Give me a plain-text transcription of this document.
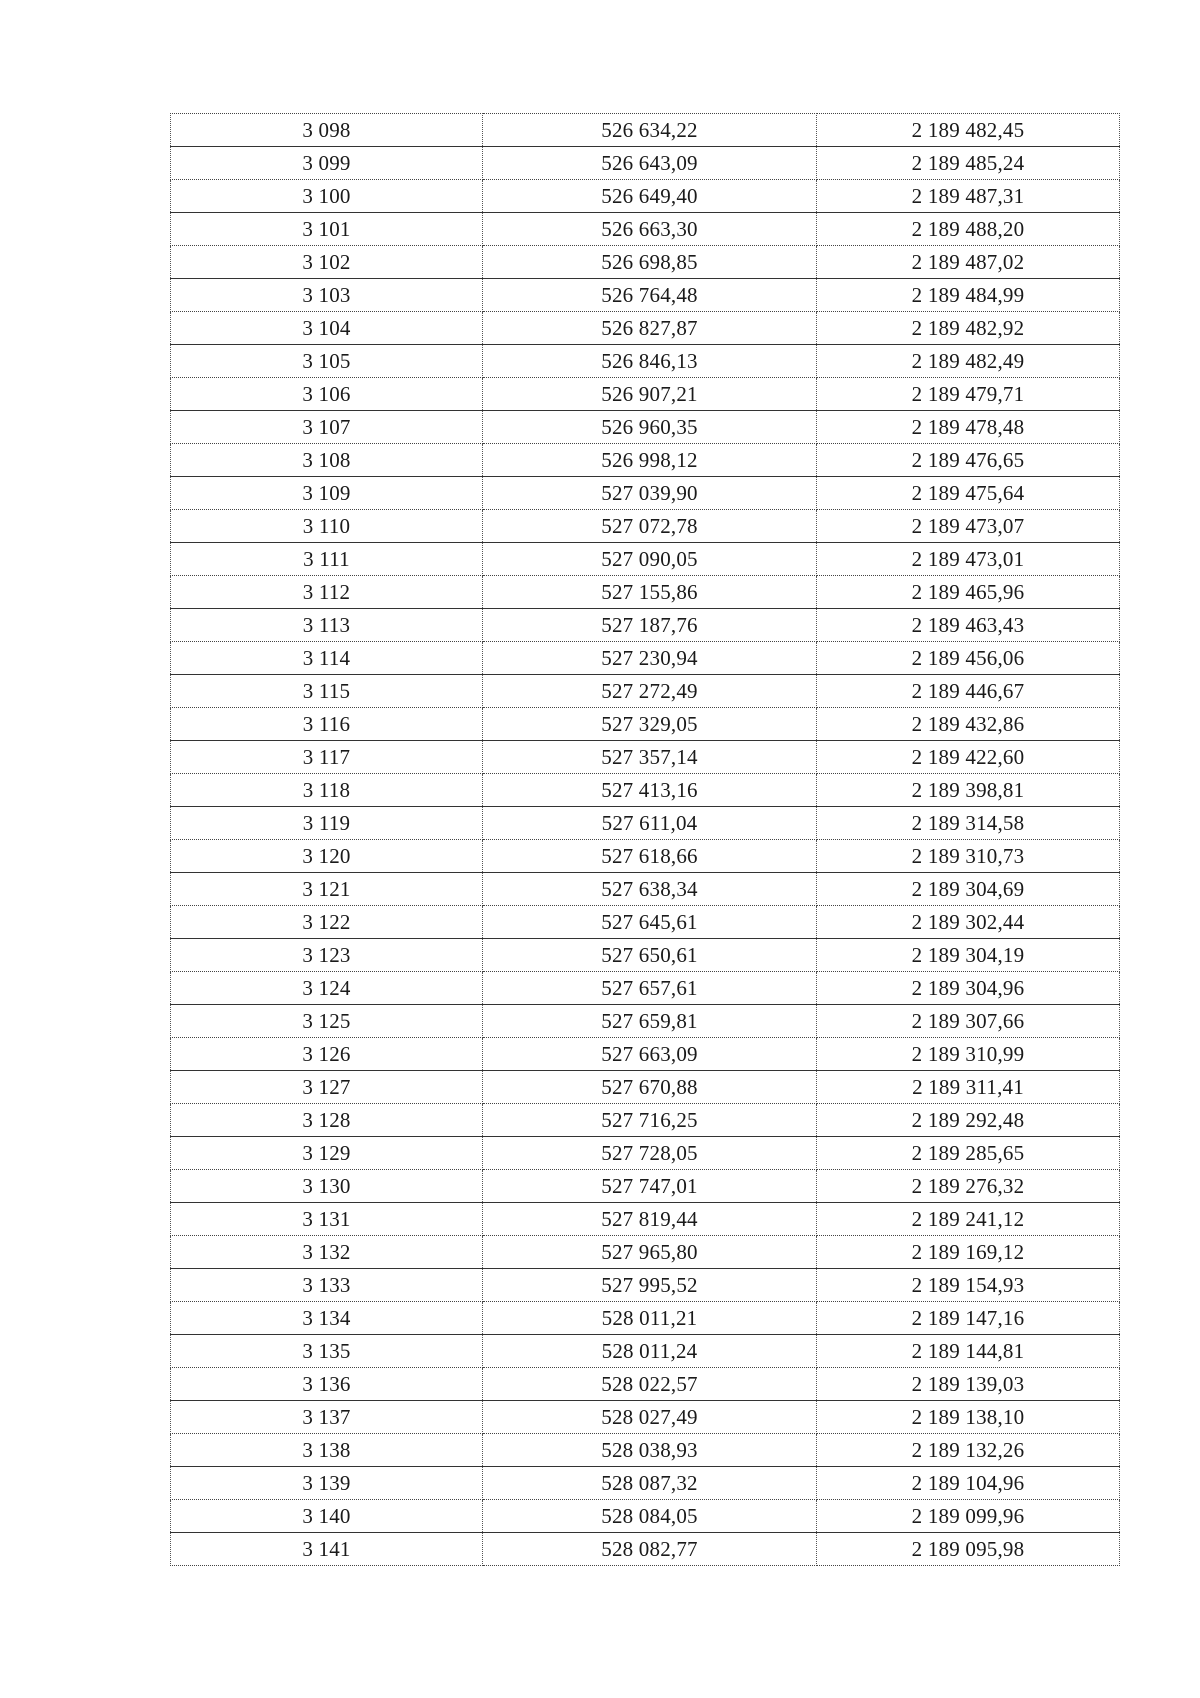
3 098	526 634,22	2 189 482,45
3 099	526 643,09	2 189 485,24
3 100	526 649,40	2 189 487,31
3 101	526 663,30	2 189 488,20
3 102	526 698,85	2 189 487,02
3 103	526 764,48	2 189 484,99
3 104	526 827,87	2 189 482,92
3 105	526 846,13	2 189 482,49
3 106	526 907,21	2 189 479,71
3 107	526 960,35	2 189 478,48
3 108	526 998,12	2 189 476,65
3 109	527 039,90	2 189 475,64
3 110	527 072,78	2 189 473,07
3 111	527 090,05	2 189 473,01
3 112	527 155,86	2 189 465,96
3 113	527 187,76	2 189 463,43
3 114	527 230,94	2 189 456,06
3 115	527 272,49	2 189 446,67
3 116	527 329,05	2 189 432,86
3 117	527 357,14	2 189 422,60
3 118	527 413,16	2 189 398,81
3 119	527 611,04	2 189 314,58
3 120	527 618,66	2 189 310,73
3 121	527 638,34	2 189 304,69
3 122	527 645,61	2 189 302,44
3 123	527 650,61	2 189 304,19
3 124	527 657,61	2 189 304,96
3 125	527 659,81	2 189 307,66
3 126	527 663,09	2 189 310,99
3 127	527 670,88	2 189 311,41
3 128	527 716,25	2 189 292,48
3 129	527 728,05	2 189 285,65
3 130	527 747,01	2 189 276,32
3 131	527 819,44	2 189 241,12
3 132	527 965,80	2 189 169,12
3 133	527 995,52	2 189 154,93
3 134	528 011,21	2 189 147,16
3 135	528 011,24	2 189 144,81
3 136	528 022,57	2 189 139,03
3 137	528 027,49	2 189 138,10
3 138	528 038,93	2 189 132,26
3 139	528 087,32	2 189 104,96
3 140	528 084,05	2 189 099,96
3 141	528 082,77	2 189 095,98
